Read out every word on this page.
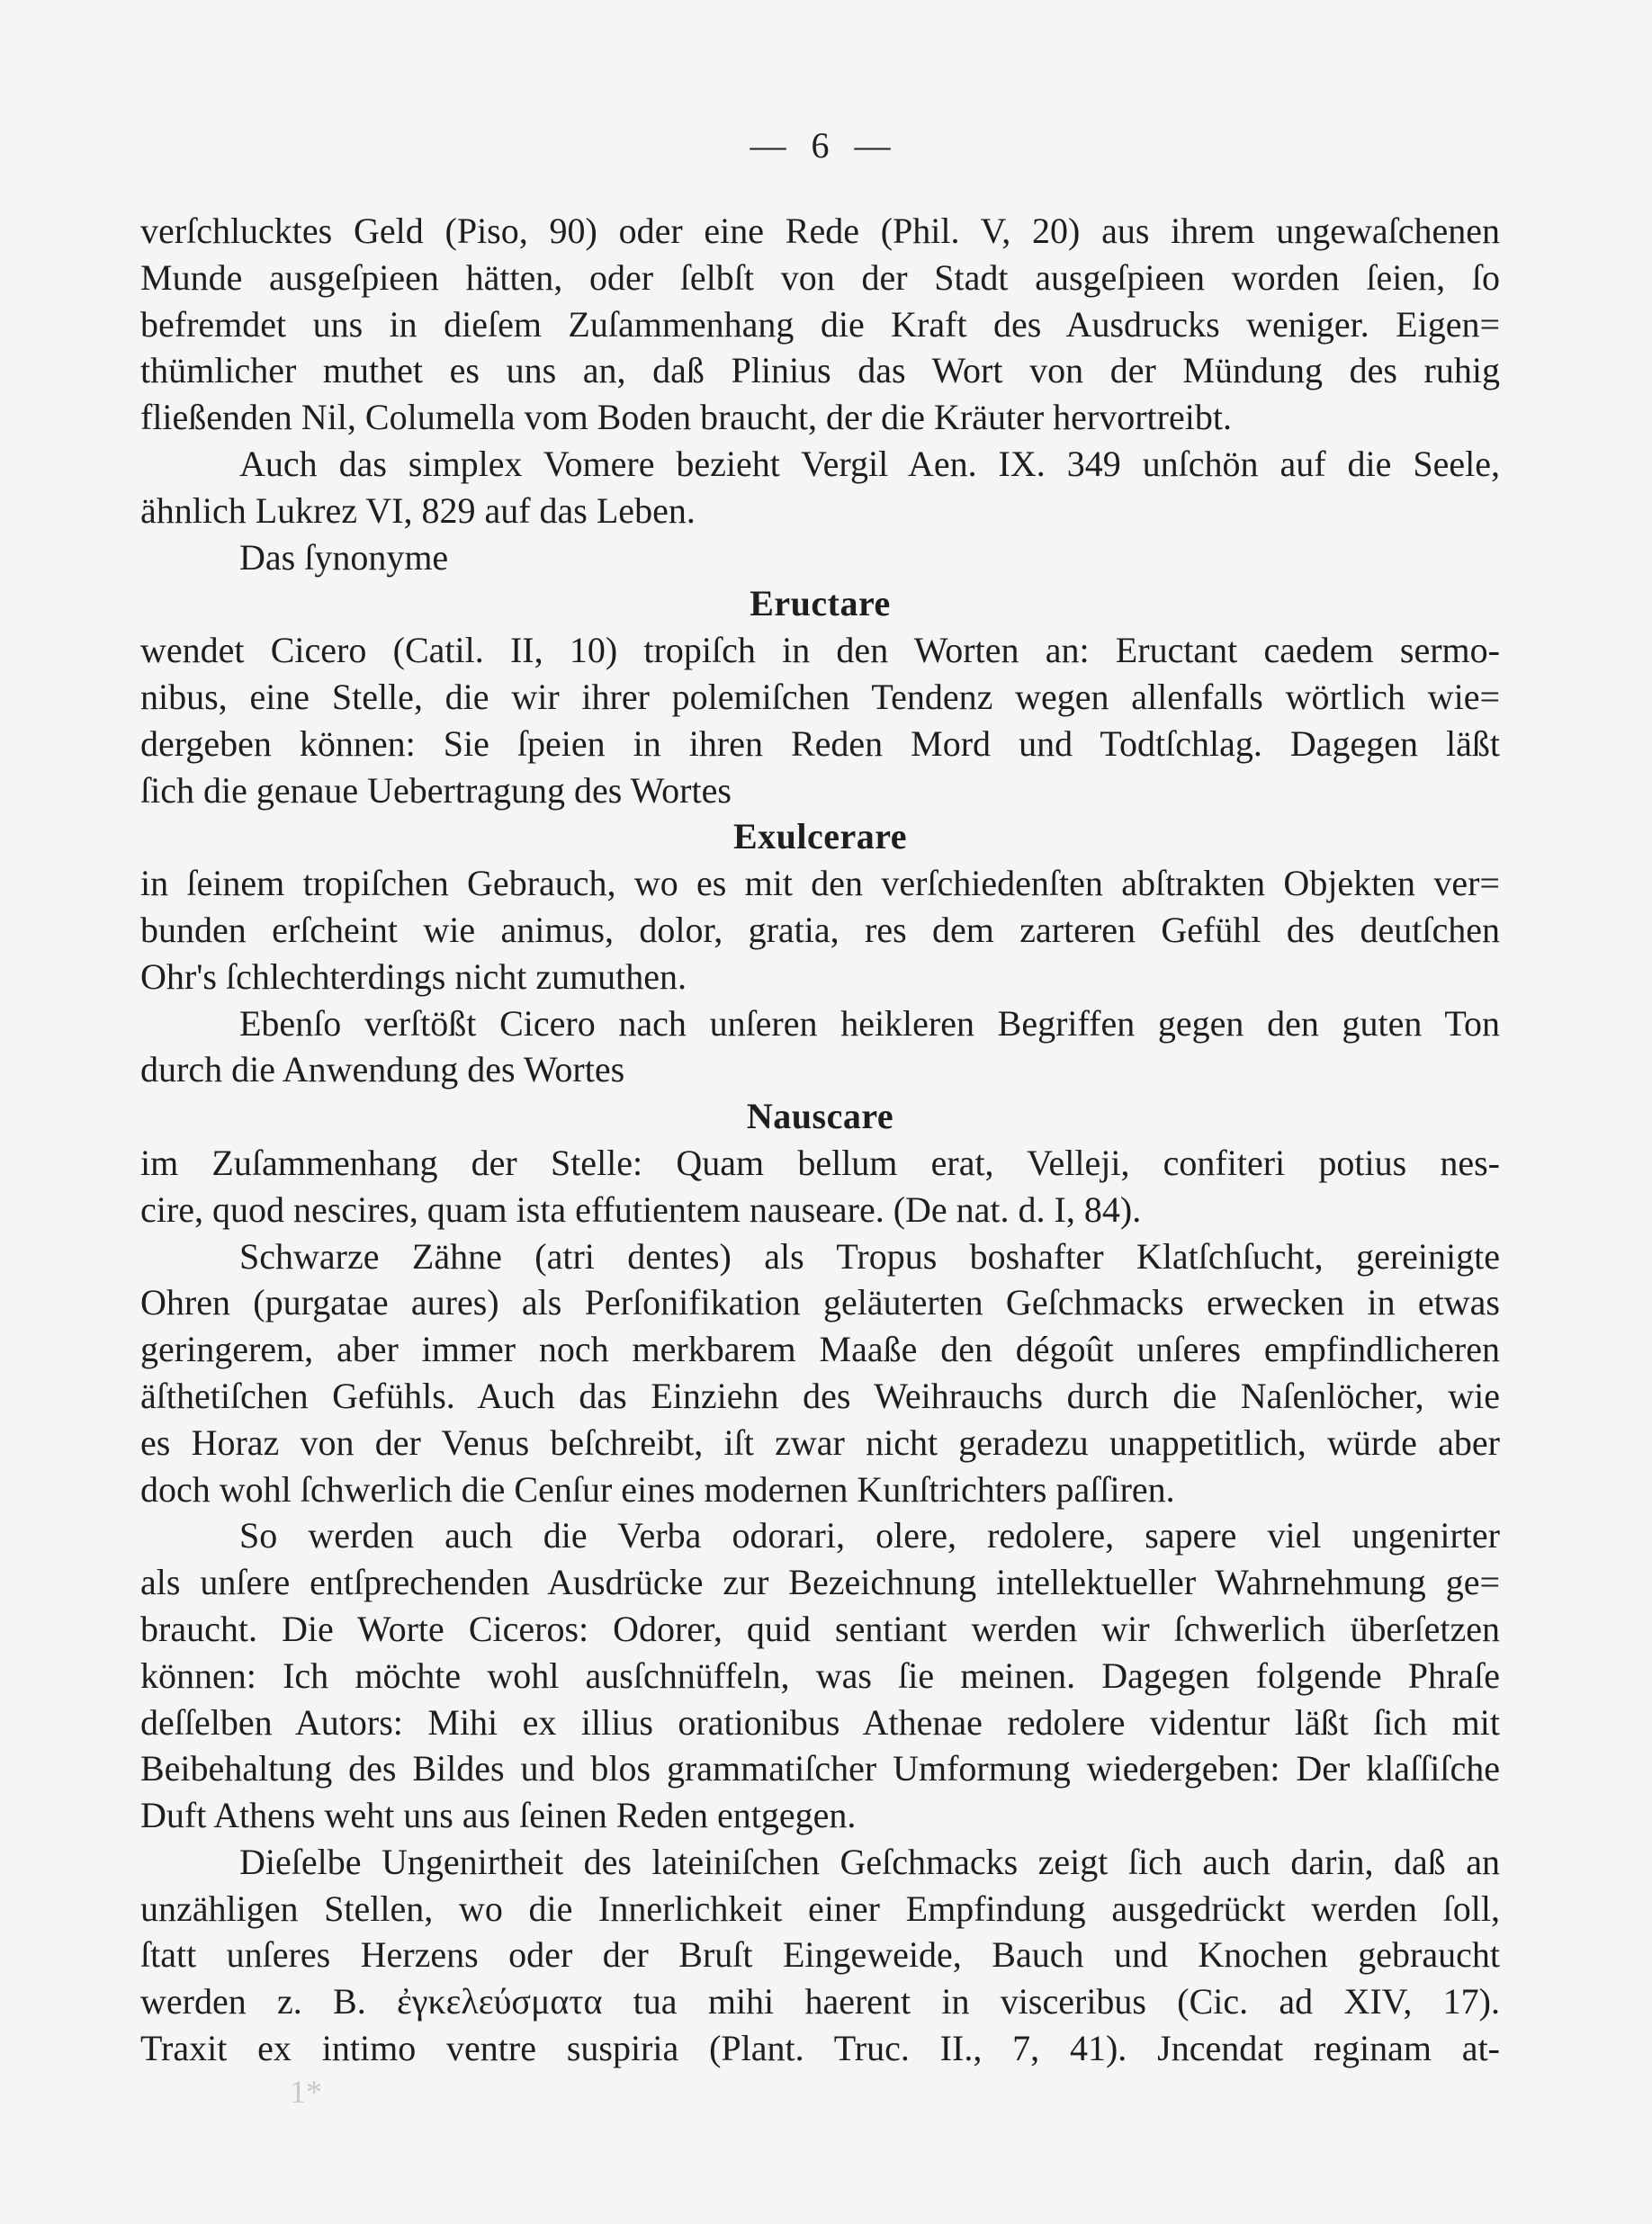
— 6 —
verſchlucktes Geld (Piso, 90) oder eine Rede (Phil. V, 20) aus ihrem ungewaſchenen
Munde ausgeſpieen hätten, oder ſelbſt von der Stadt ausgeſpieen worden ſeien, ſo
befremdet uns in dieſem Zuſammenhang die Kraft des Ausdrucks weniger. Eigen=
thümlicher muthet es uns an, daß Plinius das Wort von der Mündung des ruhig
fließenden Nil, Columella vom Boden braucht, der die Kräuter hervortreibt.
Auch das simplex Vomere bezieht Vergil Aen. IX. 349 unſchön auf die Seele,
ähnlich Lukrez VI, 829 auf das Leben.
Das ſynonyme
Eructare
wendet Cicero (Catil. II, 10) tropiſch in den Worten an: Eructant caedem sermo-
nibus, eine Stelle, die wir ihrer polemiſchen Tendenz wegen allenfalls wörtlich wie=
dergeben können: Sie ſpeien in ihren Reden Mord und Todtſchlag. Dagegen läßt
ſich die genaue Uebertragung des Wortes
Exulcerare
in ſeinem tropiſchen Gebrauch, wo es mit den verſchiedenſten abſtrakten Objekten ver=
bunden erſcheint wie animus, dolor, gratia, res dem zarteren Gefühl des deutſchen
Ohr's ſchlechterdings nicht zumuthen.
Ebenſo verſtößt Cicero nach unſeren heikleren Begriffen gegen den guten Ton
durch die Anwendung des Wortes
Nauscare
im Zuſammenhang der Stelle: Quam bellum erat, Velleji, confiteri potius nes-
cire, quod nescires, quam ista effutientem nauseare. (De nat. d. I, 84).
Schwarze Zähne (atri dentes) als Tropus boshafter Klatſchſucht, gereinigte
Ohren (purgatae aures) als Perſonifikation geläuterten Geſchmacks erwecken in etwas
geringerem, aber immer noch merkbarem Maaße den dégoût unſeres empfindlicheren
äſthetiſchen Gefühls. Auch das Einziehn des Weihrauchs durch die Naſenlöcher, wie
es Horaz von der Venus beſchreibt, iſt zwar nicht geradezu unappetitlich, würde aber
doch wohl ſchwerlich die Cenſur eines modernen Kunſtrichters paſſiren.
So werden auch die Verba odorari, olere, redolere, sapere viel ungenirter
als unſere entſprechenden Ausdrücke zur Bezeichnung intellektueller Wahrnehmung ge=
braucht. Die Worte Ciceros: Odorer, quid sentiant werden wir ſchwerlich überſetzen
können: Ich möchte wohl ausſchnüffeln, was ſie meinen. Dagegen folgende Phraſe
deſſelben Autors: Mihi ex illius orationibus Athenae redolere videntur läßt ſich mit
Beibehaltung des Bildes und blos grammatiſcher Umformung wiedergeben: Der klaſſiſche
Duft Athens weht uns aus ſeinen Reden entgegen.
Dieſelbe Ungenirtheit des lateiniſchen Geſchmacks zeigt ſich auch darin, daß an
unzähligen Stellen, wo die Innerlichkeit einer Empfindung ausgedrückt werden ſoll,
ſtatt unſeres Herzens oder der Bruſt Eingeweide, Bauch und Knochen gebraucht
werden z. B. ἐγκελεύσματα tua mihi haerent in visceribus (Cic. ad XIV, 17).
Traxit ex intimo ventre suspiria (Plant. Truc. II., 7, 41). Jncendat reginam at-
1*
